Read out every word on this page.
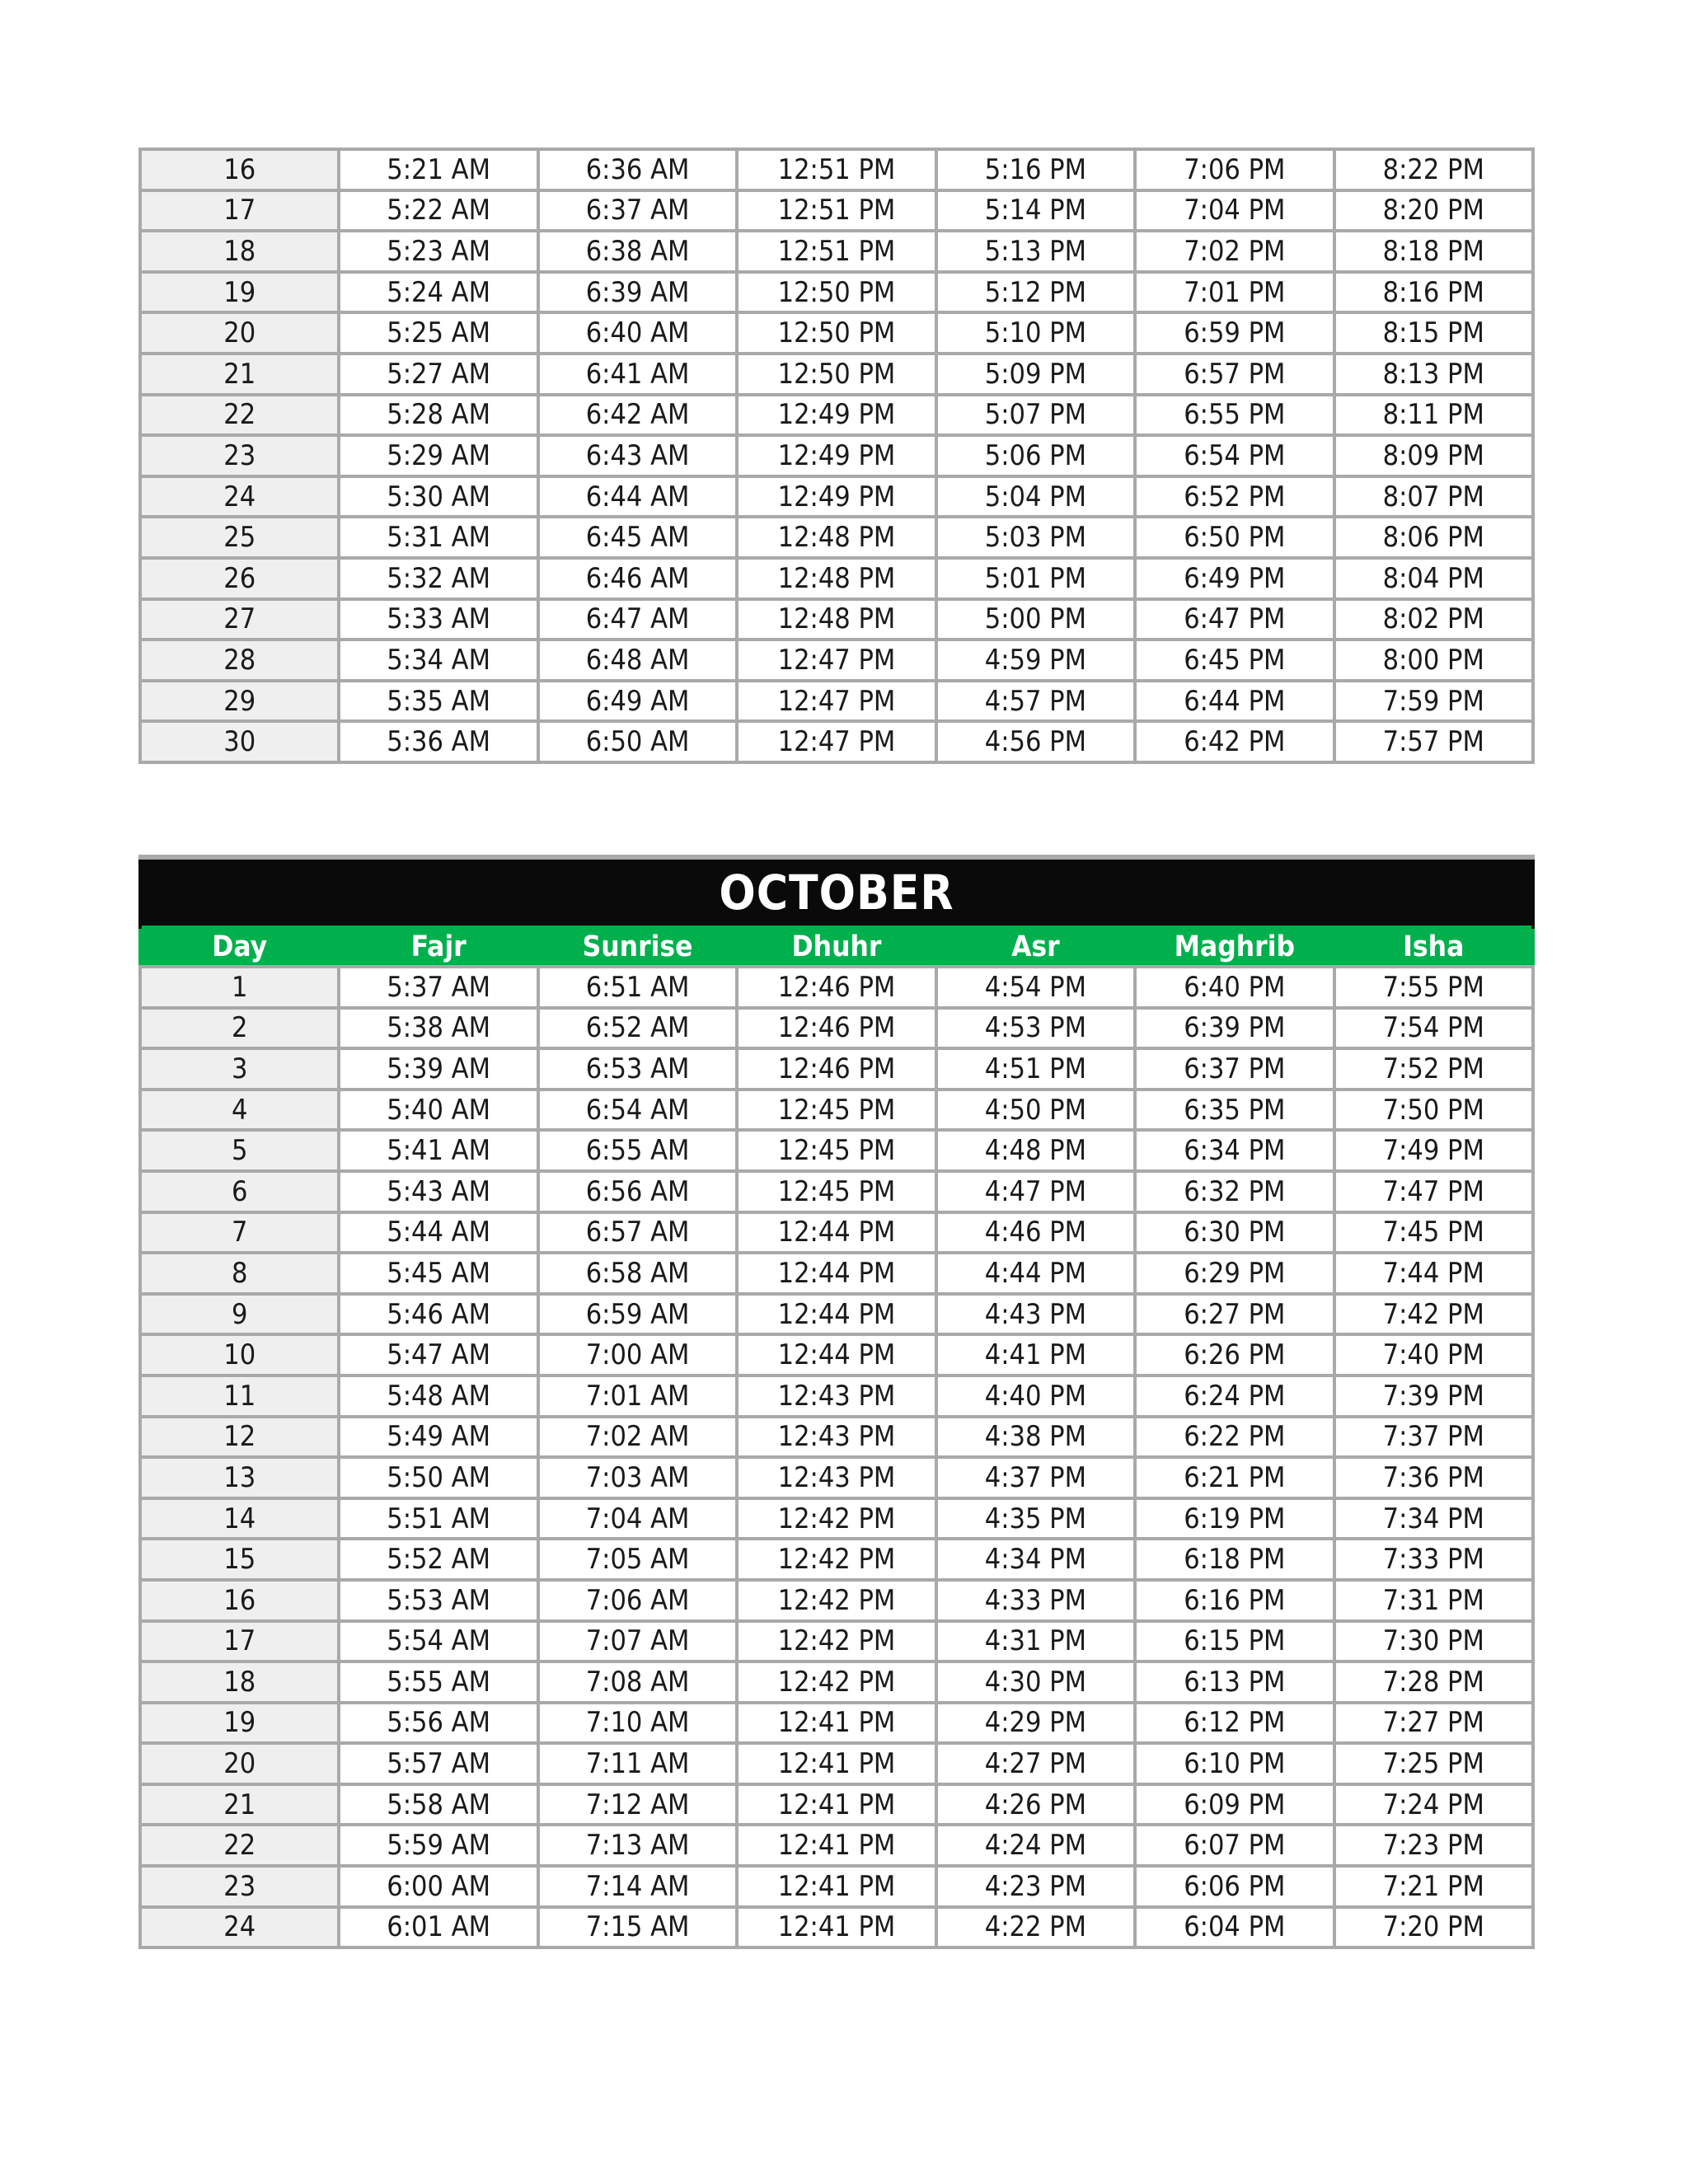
16	5:21 AM	6:36 AM	12:51 PM	5:16 PM	7:06 PM	8:22 PM
17	5:22 AM	6:37 AM	12:51 PM	5:14 PM	7:04 PM	8:20 PM
18	5:23 AM	6:38 AM	12:51 PM	5:13 PM	7:02 PM	8:18 PM
19	5:24 AM	6:39 AM	12:50 PM	5:12 PM	7:01 PM	8:16 PM
20	5:25 AM	6:40 AM	12:50 PM	5:10 PM	6:59 PM	8:15 PM
21	5:27 AM	6:41 AM	12:50 PM	5:09 PM	6:57 PM	8:13 PM
22	5:28 AM	6:42 AM	12:49 PM	5:07 PM	6:55 PM	8:11 PM
23	5:29 AM	6:43 AM	12:49 PM	5:06 PM	6:54 PM	8:09 PM
24	5:30 AM	6:44 AM	12:49 PM	5:04 PM	6:52 PM	8:07 PM
25	5:31 AM	6:45 AM	12:48 PM	5:03 PM	6:50 PM	8:06 PM
26	5:32 AM	6:46 AM	12:48 PM	5:01 PM	6:49 PM	8:04 PM
27	5:33 AM	6:47 AM	12:48 PM	5:00 PM	6:47 PM	8:02 PM
28	5:34 AM	6:48 AM	12:47 PM	4:59 PM	6:45 PM	8:00 PM
29	5:35 AM	6:49 AM	12:47 PM	4:57 PM	6:44 PM	7:59 PM
30	5:36 AM	6:50 AM	12:47 PM	4:56 PM	6:42 PM	7:57 PM
OCTOBER						
Day	Fajr	Sunrise	Dhuhr	Asr	Maghrib	Isha
1	5:37 AM	6:51 AM	12:46 PM	4:54 PM	6:40 PM	7:55 PM
2	5:38 AM	6:52 AM	12:46 PM	4:53 PM	6:39 PM	7:54 PM
3	5:39 AM	6:53 AM	12:46 PM	4:51 PM	6:37 PM	7:52 PM
4	5:40 AM	6:54 AM	12:45 PM	4:50 PM	6:35 PM	7:50 PM
5	5:41 AM	6:55 AM	12:45 PM	4:48 PM	6:34 PM	7:49 PM
6	5:43 AM	6:56 AM	12:45 PM	4:47 PM	6:32 PM	7:47 PM
7	5:44 AM	6:57 AM	12:44 PM	4:46 PM	6:30 PM	7:45 PM
8	5:45 AM	6:58 AM	12:44 PM	4:44 PM	6:29 PM	7:44 PM
9	5:46 AM	6:59 AM	12:44 PM	4:43 PM	6:27 PM	7:42 PM
10	5:47 AM	7:00 AM	12:44 PM	4:41 PM	6:26 PM	7:40 PM
11	5:48 AM	7:01 AM	12:43 PM	4:40 PM	6:24 PM	7:39 PM
12	5:49 AM	7:02 AM	12:43 PM	4:38 PM	6:22 PM	7:37 PM
13	5:50 AM	7:03 AM	12:43 PM	4:37 PM	6:21 PM	7:36 PM
14	5:51 AM	7:04 AM	12:42 PM	4:35 PM	6:19 PM	7:34 PM
15	5:52 AM	7:05 AM	12:42 PM	4:34 PM	6:18 PM	7:33 PM
16	5:53 AM	7:06 AM	12:42 PM	4:33 PM	6:16 PM	7:31 PM
17	5:54 AM	7:07 AM	12:42 PM	4:31 PM	6:15 PM	7:30 PM
18	5:55 AM	7:08 AM	12:42 PM	4:30 PM	6:13 PM	7:28 PM
19	5:56 AM	7:10 AM	12:41 PM	4:29 PM	6:12 PM	7:27 PM
20	5:57 AM	7:11 AM	12:41 PM	4:27 PM	6:10 PM	7:25 PM
21	5:58 AM	7:12 AM	12:41 PM	4:26 PM	6:09 PM	7:24 PM
22	5:59 AM	7:13 AM	12:41 PM	4:24 PM	6:07 PM	7:23 PM
23	6:00 AM	7:14 AM	12:41 PM	4:23 PM	6:06 PM	7:21 PM
24	6:01 AM	7:15 AM	12:41 PM	4:22 PM	6:04 PM	7:20 PM
